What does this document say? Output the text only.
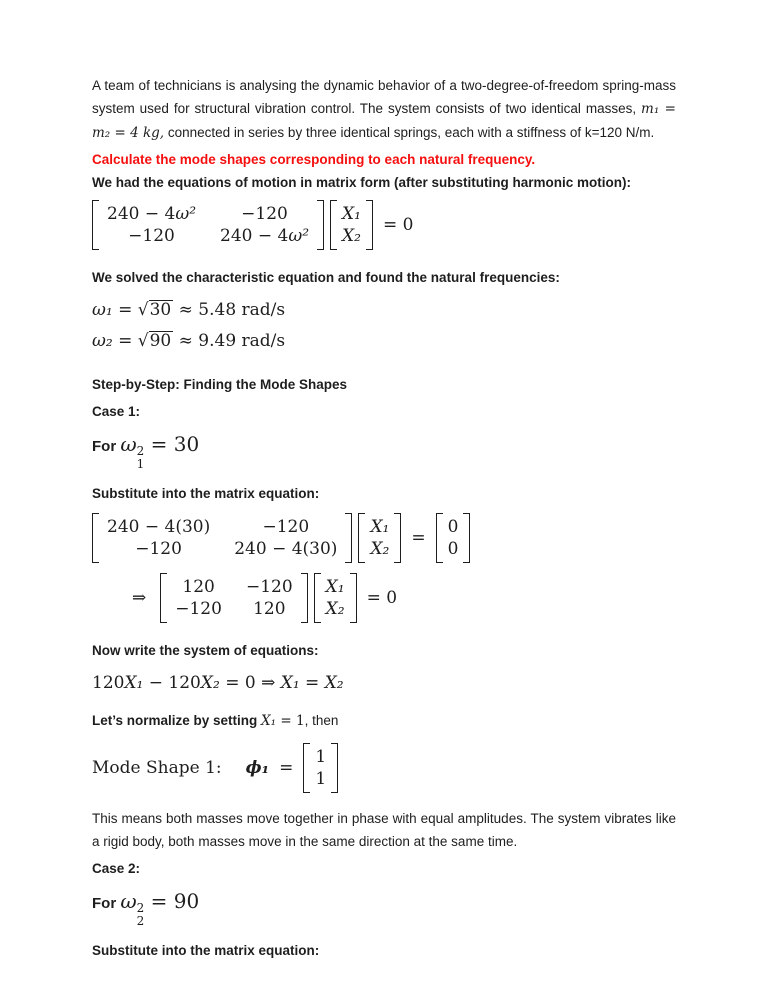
A team of technicians is analysing the dynamic behavior of a two-degree-of-freedom spring-mass system used for structural vibration control. The system consists of two identical masses, m₁ = m₂ = 4 kg, connected in series by three identical springs, each with a stiffness of k=120 N/m.

Calculate the mode shapes corresponding to each natural frequency.

We had the equations of motion in matrix form (after substituting harmonic motion):

240 − 4ω²	−120
−120	240 − 4ω²
X₁
X₂
= 0

We solved the characteristic equation and found the natural frequencies:

ω₁ = √30 ≈ 5.48 rad/s

ω₂ = √90 ≈ 9.49 rad/s

Step-by-Step: Finding the Mode Shapes

Case 1:

For ω 2
1
= 30

Substitute into the matrix equation:

240 − 4(30)	−120
−120	240 − 4(30)
X₁
X₂
=
0
0
⇒
120 −120
−120 120
X₁
X₂
= 0

Now write the system of equations:

120X₁ − 120X₂ = 0 ⇒ X₁ = X₂

Let’s normalize by setting X₁ = 1, then

Mode Shape 1: ϕ₁ =
1
1

This means both masses move together in phase with equal amplitudes. The system vibrates like a rigid body, both masses move in the same direction at the same time.

Case 2:

For ω 2
2
= 90

Substitute into the matrix equation:
